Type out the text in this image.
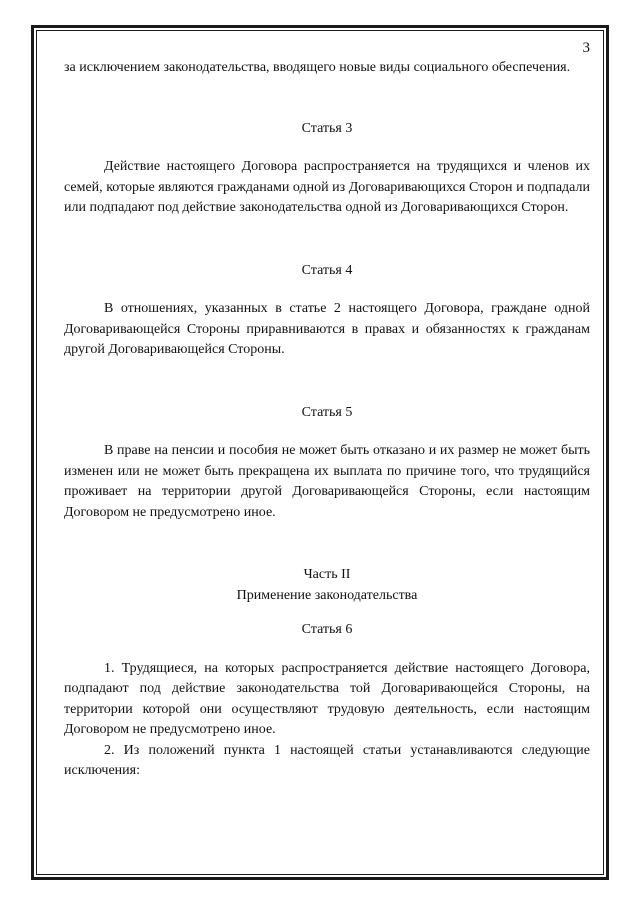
3

за исключением законодательства, вводящего новые виды социального обеспечения.

Статья 3

Действие настоящего Договора распространяется на трудящихся и членов их семей, которые являются гражданами одной из Договаривающихся Сторон и подпадали или подпадают под действие законодательства одной из Договаривающихся Сторон.

Статья 4

В отношениях, указанных в статье 2 настоящего Договора, граждане одной Договаривающейся Стороны приравниваются в правах и обязанностях к гражданам другой Договаривающейся Стороны.

Статья 5

В праве на пенсии и пособия не может быть отказано и их размер не может быть изменен или не может быть прекращена их выплата по причине того, что трудящийся проживает на территории другой Договаривающейся Стороны, если настоящим Договором не предусмотрено иное.

Часть II

Применение законодательства

Статья 6

1. Трудящиеся, на которых распространяется действие настоящего Договора, подпадают под действие законодательства той Договаривающейся Стороны, на территории которой они осуществляют трудовую деятельность, если настоящим Договором не предусмотрено иное.

2. Из положений пункта 1 настоящей статьи устанавливаются следующие исключения:
